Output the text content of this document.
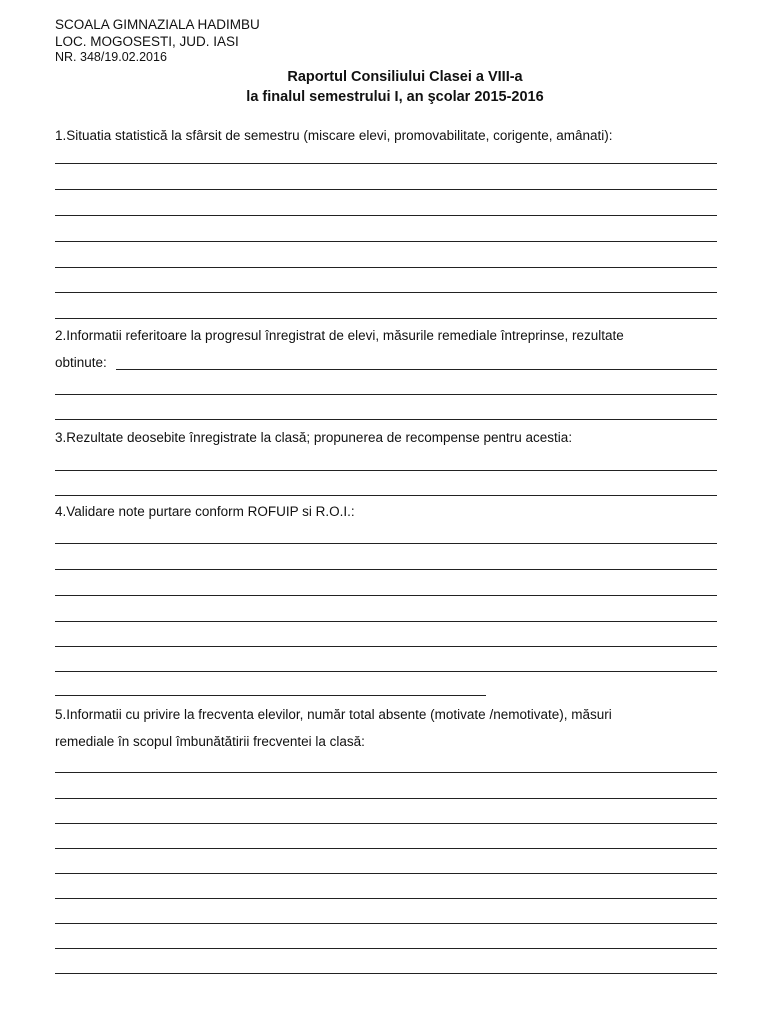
SCOALA GIMNAZIALA HADIMBU
LOC. MOGOSESTI, JUD. IASI
NR. 348/19.02.2016
Raportul Consiliului Clasei a VIII-a
la finalul semestrului I, an şcolar 2015-2016
1.Situatia statistică la sfârsit de semestru (miscare elevi, promovabilitate, corigente, amânati):
2.Informatii referitoare la progresul înregistrat de elevi, măsurile remediale întreprinse, rezultate
obtinute:
3.Rezultate deosebite înregistrate la clasă; propunerea de recompense pentru acestia:
4.Validare note purtare conform ROFUIP si R.O.I.:
5.Informatii cu privire la frecventa elevilor, număr total absente (motivate /nemotivate), măsuri
remediale în scopul îmbunătătirii frecventei la clasă:
